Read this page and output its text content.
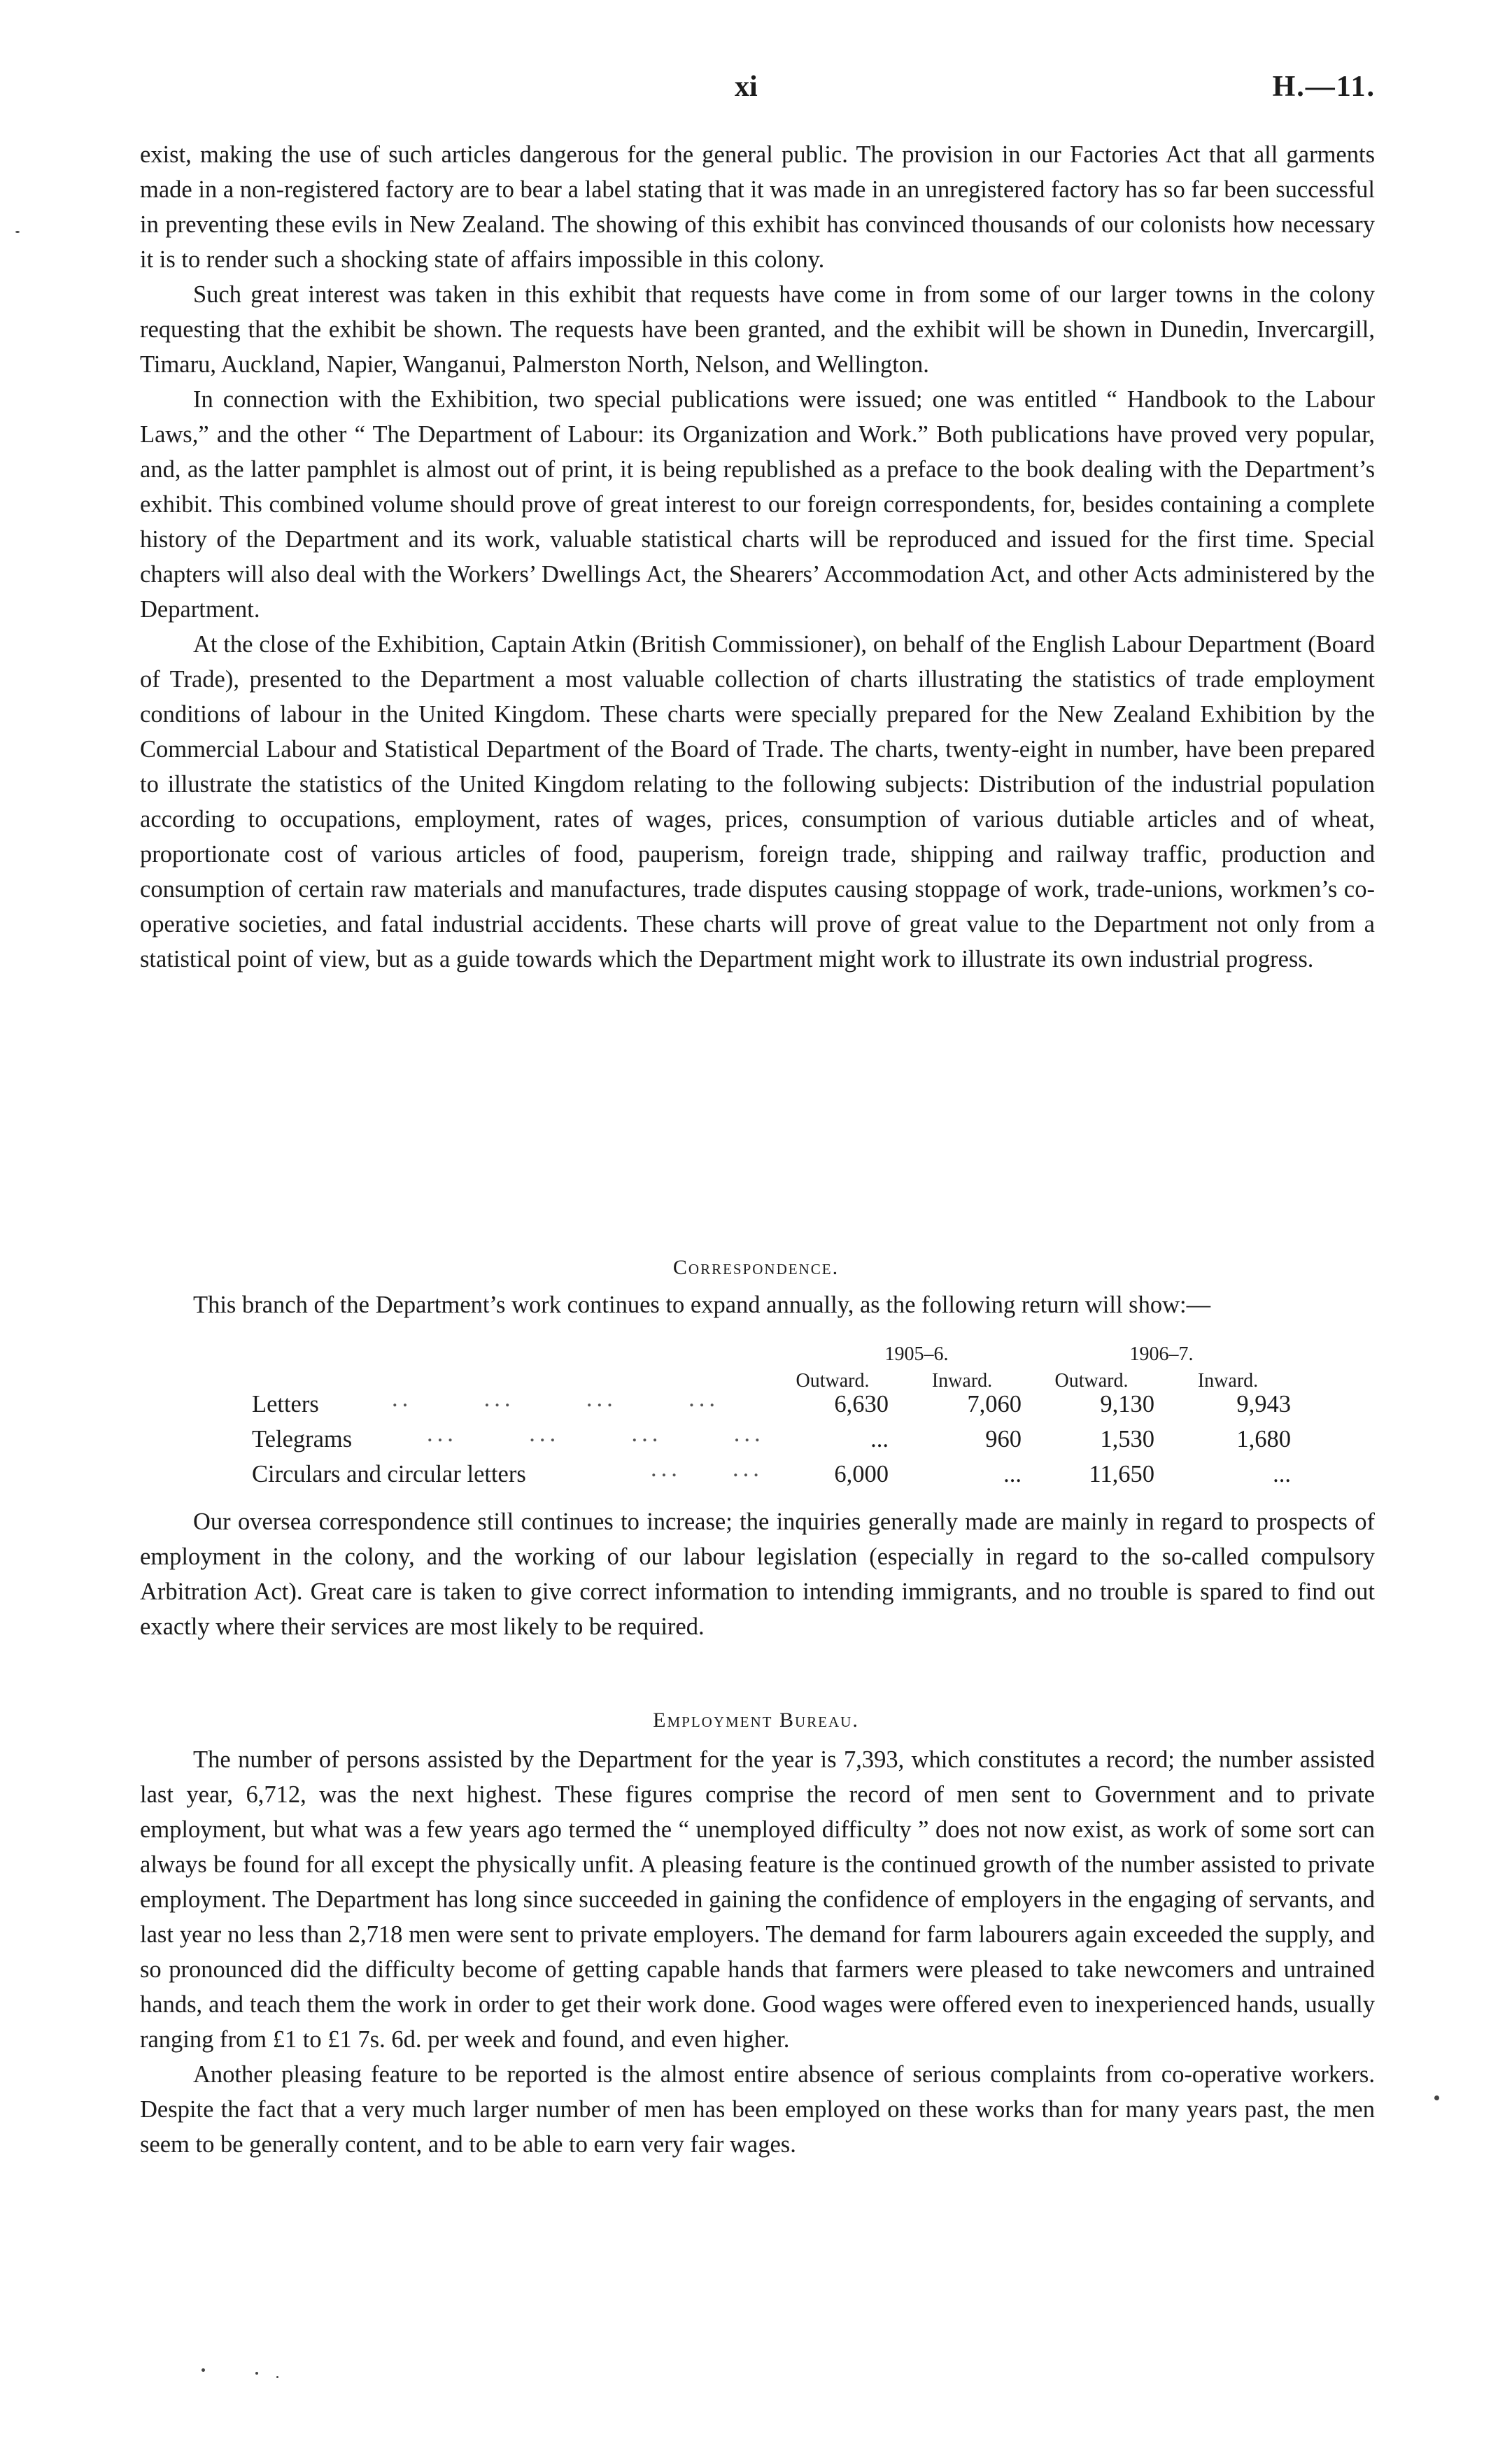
xi	H.—11.

exist, making the use of such articles dangerous for the general public. The provision in our Factories Act that all garments made in a non-registered factory are to bear a label stating that it was made in an unregistered factory has so far been successful in preventing these evils in New Zealand. The showing of this exhibit has convinced thousands of our colonists how necessary it is to render such a shocking state of affairs impossible in this colony.

Such great interest was taken in this exhibit that requests have come in from some of our larger towns in the colony requesting that the exhibit be shown. The requests have been granted, and the exhibit will be shown in Dunedin, Invercargill, Timaru, Auckland, Napier, Wanganui, Palmerston North, Nelson, and Wellington.

In connection with the Exhibition, two special publications were issued; one was entitled “ Handbook to the Labour Laws,” and the other “ The Department of Labour: its Organization and Work.” Both publications have proved very popular, and, as the latter pamphlet is almost out of print, it is being republished as a preface to the book dealing with the Department’s exhibit. This combined volume should prove of great interest to our foreign correspondents, for, besides containing a complete history of the Department and its work, valuable statistical charts will be reproduced and issued for the first time. Special chapters will also deal with the Workers’ Dwellings Act, the Shearers’ Accommodation Act, and other Acts administered by the Department.

At the close of the Exhibition, Captain Atkin (British Commissioner), on behalf of the English Labour Department (Board of Trade), presented to the Department a most valuable collection of charts illustrating the statistics of trade employment conditions of labour in the United Kingdom. These charts were specially prepared for the New Zealand Exhibition by the Commercial Labour and Statistical Department of the Board of Trade. The charts, twenty-eight in number, have been prepared to illustrate the statistics of the United Kingdom relating to the following subjects: Distribution of the industrial population according to occupations, employment, rates of wages, prices, consumption of various dutiable articles and of wheat, proportionate cost of various articles of food, pauperism, foreign trade, shipping and railway traffic, production and consumption of certain raw materials and manufactures, trade disputes causing stoppage of work, trade-unions, workmen’s co-operative societies, and fatal industrial accidents. These charts will prove of great value to the Department not only from a statistical point of view, but as a guide towards which the Department might work to illustrate its own industrial progress.

Correspondence.

This branch of the Department’s work continues to expand annually, as the following return will show:—

1905–6.	1906–7.
Outward.	Inward.	Outward.	Inward.
Letters	..       ...       ...       ...	6,630	7,060	9,130	9,943
Telegrams	...       ...       ...       ...	...	960	1,530	1,680
Circulars and circular letters	...     ...	6,000	...	11,650	...

Our oversea correspondence still continues to increase; the inquiries generally made are mainly in regard to prospects of employment in the colony, and the working of our labour legislation (especially in regard to the so-called compulsory Arbitration Act). Great care is taken to give correct information to intending immigrants, and no trouble is spared to find out exactly where their services are most likely to be required.

Employment Bureau.

The number of persons assisted by the Department for the year is 7,393, which constitutes a record; the number assisted last year, 6,712, was the next highest. These figures comprise the record of men sent to Government and to private employment, but what was a few years ago termed the “ unemployed difficulty ” does not now exist, as work of some sort can always be found for all except the physically unfit. A pleasing feature is the continued growth of the number assisted to private employment. The Department has long since succeeded in gaining the confidence of employers in the engaging of servants, and last year no less than 2,718 men were sent to private employers. The demand for farm labourers again exceeded the supply, and so pronounced did the difficulty become of getting capable hands that farmers were pleased to take newcomers and untrained hands, and teach them the work in order to get their work done. Good wages were offered even to inexperienced hands, usually ranging from £1 to £1 7s. 6d. per week and found, and even higher.

Another pleasing feature to be reported is the almost entire absence of serious complaints from co-operative workers. Despite the fact that a very much larger number of men has been employed on these works than for many years past, the men seem to be generally content, and to be able to earn very fair wages.
